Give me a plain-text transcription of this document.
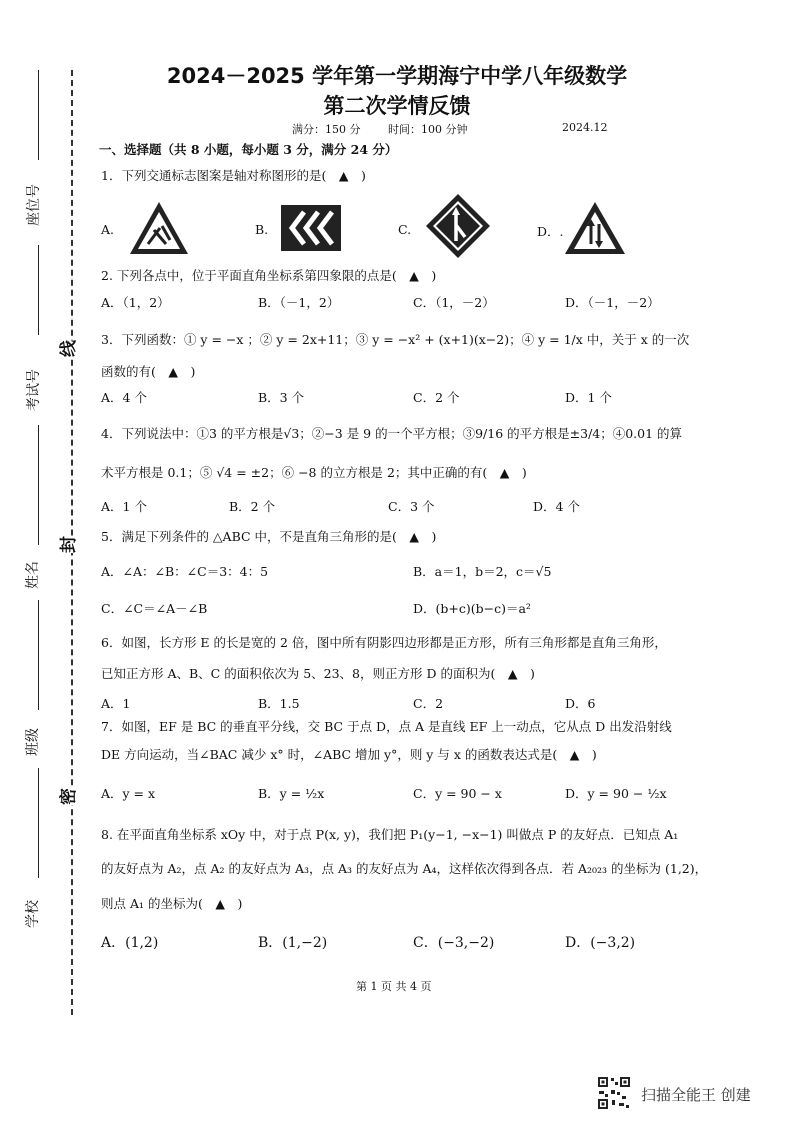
座位号
考试号
姓名
班级
学校
线
封
密
2024－2025 学年第一学期海宁中学八年级数学
第二次学情反馈
满分：150 分	时间：100 分钟	2024.12
一、选择题（共 8 小题，每小题 3 分，满分 24 分）
1．下列交通标志图案是轴对称图形的是(　▲　)
A.	B.	C.	D．.
2. 下列各点中，位于平面直角坐标系第四象限的点是(　▲　)
A．（1，2）	B．（－1，2）	C．（1，－2）	D．（－1，－2）
3．下列函数：① y = −x ；② y = 2x+11；③ y = −x² + (x+1)(x−2)；④ y = 1/x 中，关于 x 的一次
函数的有(　▲　)
A．4 个	B．3 个	C．2 个	D．1 个
4．下列说法中：①3 的平方根是√3；②−3 是 9 的一个平方根；③9/16 的平方根是±3/4；④0.01 的算
术平方根是 0.1；⑤ √4 = ±2；⑥ −8 的立方根是 2；其中正确的有(　▲　)
A．1 个	B．2 个	C．3 个	D．4 个
5．满足下列条件的 △ABC 中，不是直角三角形的是(　▲　)
A．∠A：∠B：∠C＝3：4：5	B．a＝1，b＝2，c＝√5
C．∠C＝∠A－∠B	D．(b+c)(b−c)＝a²
6．如图，长方形 E 的长是宽的 2 倍，图中所有阴影四边形都是正方形，所有三角形都是直角三角形，
已知正方形 A、B、C 的面积依次为 5、23、8，则正方形 D 的面积为(　▲　)
A．1	B．1.5	C．2	D．6
7．如图，EF 是 BC 的垂直平分线，交 BC 于点 D，点 A 是直线 EF 上一动点，它从点 D 出发沿射线
DE 方向运动，当∠BAC 减少 x° 时，∠ABC 增加 y°，则 y 与 x 的函数表达式是(　▲　)
A．y = x	B．y = ½x	C．y = 90 − x	D．y = 90 − ½x
8. 在平面直角坐标系 xOy 中，对于点 P(x, y)，我们把 P₁(y−1, −x−1) 叫做点 P 的友好点．已知点 A₁
的友好点为 A₂，点 A₂ 的友好点为 A₃，点 A₃ 的友好点为 A₄，这样依次得到各点．若 A₂₀₂₃ 的坐标为 (1,2)，
则点 A₁ 的坐标为(　▲　)
A．(1,2)	B．(1,−2)	C．(−3,−2)	D．(−3,2)
第 1 页 共 4 页
扫描全能王 创建
